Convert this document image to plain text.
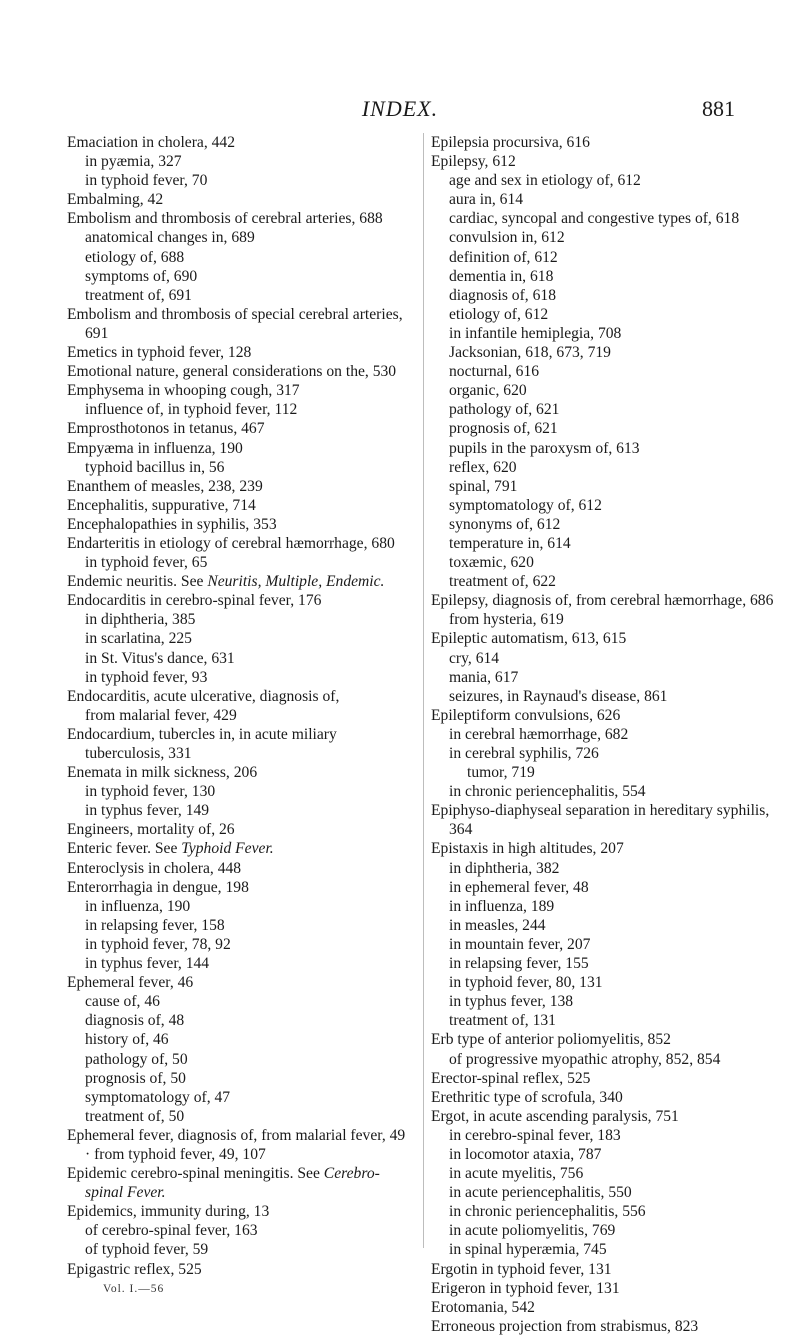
INDEX.	881

Emaciation in cholera, 442

in pyæmia, 327

in typhoid fever, 70

Embalming, 42

Embolism and thrombosis of cerebral arteries, 688

anatomical changes in, 689

etiology of, 688

symptoms of, 690

treatment of, 691

Embolism and thrombosis of special cerebral arteries, 691

Emetics in typhoid fever, 128

Emotional nature, general considerations on the, 530

Emphysema in whooping cough, 317

influence of, in typhoid fever, 112

Emprosthotonos in tetanus, 467

Empyæma in influenza, 190

typhoid bacillus in, 56

Enanthem of measles, 238, 239

Encephalitis, suppurative, 714

Encephalopathies in syphilis, 353

Endarteritis in etiology of cerebral hæmorrhage, 680

in typhoid fever, 65

Endemic neuritis. See Neuritis, Multiple, Endemic.

Endocarditis in cerebro-spinal fever, 176

in diphtheria, 385

in scarlatina, 225

in St. Vitus's dance, 631

in typhoid fever, 93

Endocarditis, acute ulcerative, diagnosis of,

from malarial fever, 429

Endocardium, tubercles in, in acute miliary tuberculosis, 331

Enemata in milk sickness, 206

in typhoid fever, 130

in typhus fever, 149

Engineers, mortality of, 26

Enteric fever. See Typhoid Fever.

Enteroclysis in cholera, 448

Enterorrhagia in dengue, 198

in influenza, 190

in relapsing fever, 158

in typhoid fever, 78, 92

in typhus fever, 144

Ephemeral fever, 46

cause of, 46

diagnosis of, 48

history of, 46

pathology of, 50

prognosis of, 50

symptomatology of, 47

treatment of, 50

Ephemeral fever, diagnosis of, from malarial fever, 49

· from typhoid fever, 49, 107

Epidemic cerebro-spinal meningitis. See Cerebro-spinal Fever.

Epidemics, immunity during, 13

of cerebro-spinal fever, 163

of typhoid fever, 59

Epigastric reflex, 525

Vol. I.—56

Epilepsia procursiva, 616

Epilepsy, 612

age and sex in etiology of, 612

aura in, 614

cardiac, syncopal and congestive types of, 618

convulsion in, 612

definition of, 612

dementia in, 618

diagnosis of, 618

etiology of, 612

in infantile hemiplegia, 708

Jacksonian, 618, 673, 719

nocturnal, 616

organic, 620

pathology of, 621

prognosis of, 621

pupils in the paroxysm of, 613

reflex, 620

spinal, 791

symptomatology of, 612

synonyms of, 612

temperature in, 614

toxæmic, 620

treatment of, 622

Epilepsy, diagnosis of, from cerebral hæmorrhage, 686

from hysteria, 619

Epileptic automatism, 613, 615

cry, 614

mania, 617

seizures, in Raynaud's disease, 861

Epileptiform convulsions, 626

in cerebral hæmorrhage, 682

in cerebral syphilis, 726

tumor, 719

in chronic periencephalitis, 554

Epiphyso-diaphyseal separation in hereditary syphilis, 364

Epistaxis in high altitudes, 207

in diphtheria, 382

in ephemeral fever, 48

in influenza, 189

in measles, 244

in mountain fever, 207

in relapsing fever, 155

in typhoid fever, 80, 131

in typhus fever, 138

treatment of, 131

Erb type of anterior poliomyelitis, 852

of progressive myopathic atrophy, 852, 854

Erector-spinal reflex, 525

Erethritic type of scrofula, 340

Ergot, in acute ascending paralysis, 751

in cerebro-spinal fever, 183

in locomotor ataxia, 787

in acute myelitis, 756

in acute periencephalitis, 550

in chronic periencephalitis, 556

in acute poliomyelitis, 769

in spinal hyperæmia, 745

Ergotin in typhoid fever, 131

Erigeron in typhoid fever, 131

Erotomania, 542

Erroneous projection from strabismus, 823
